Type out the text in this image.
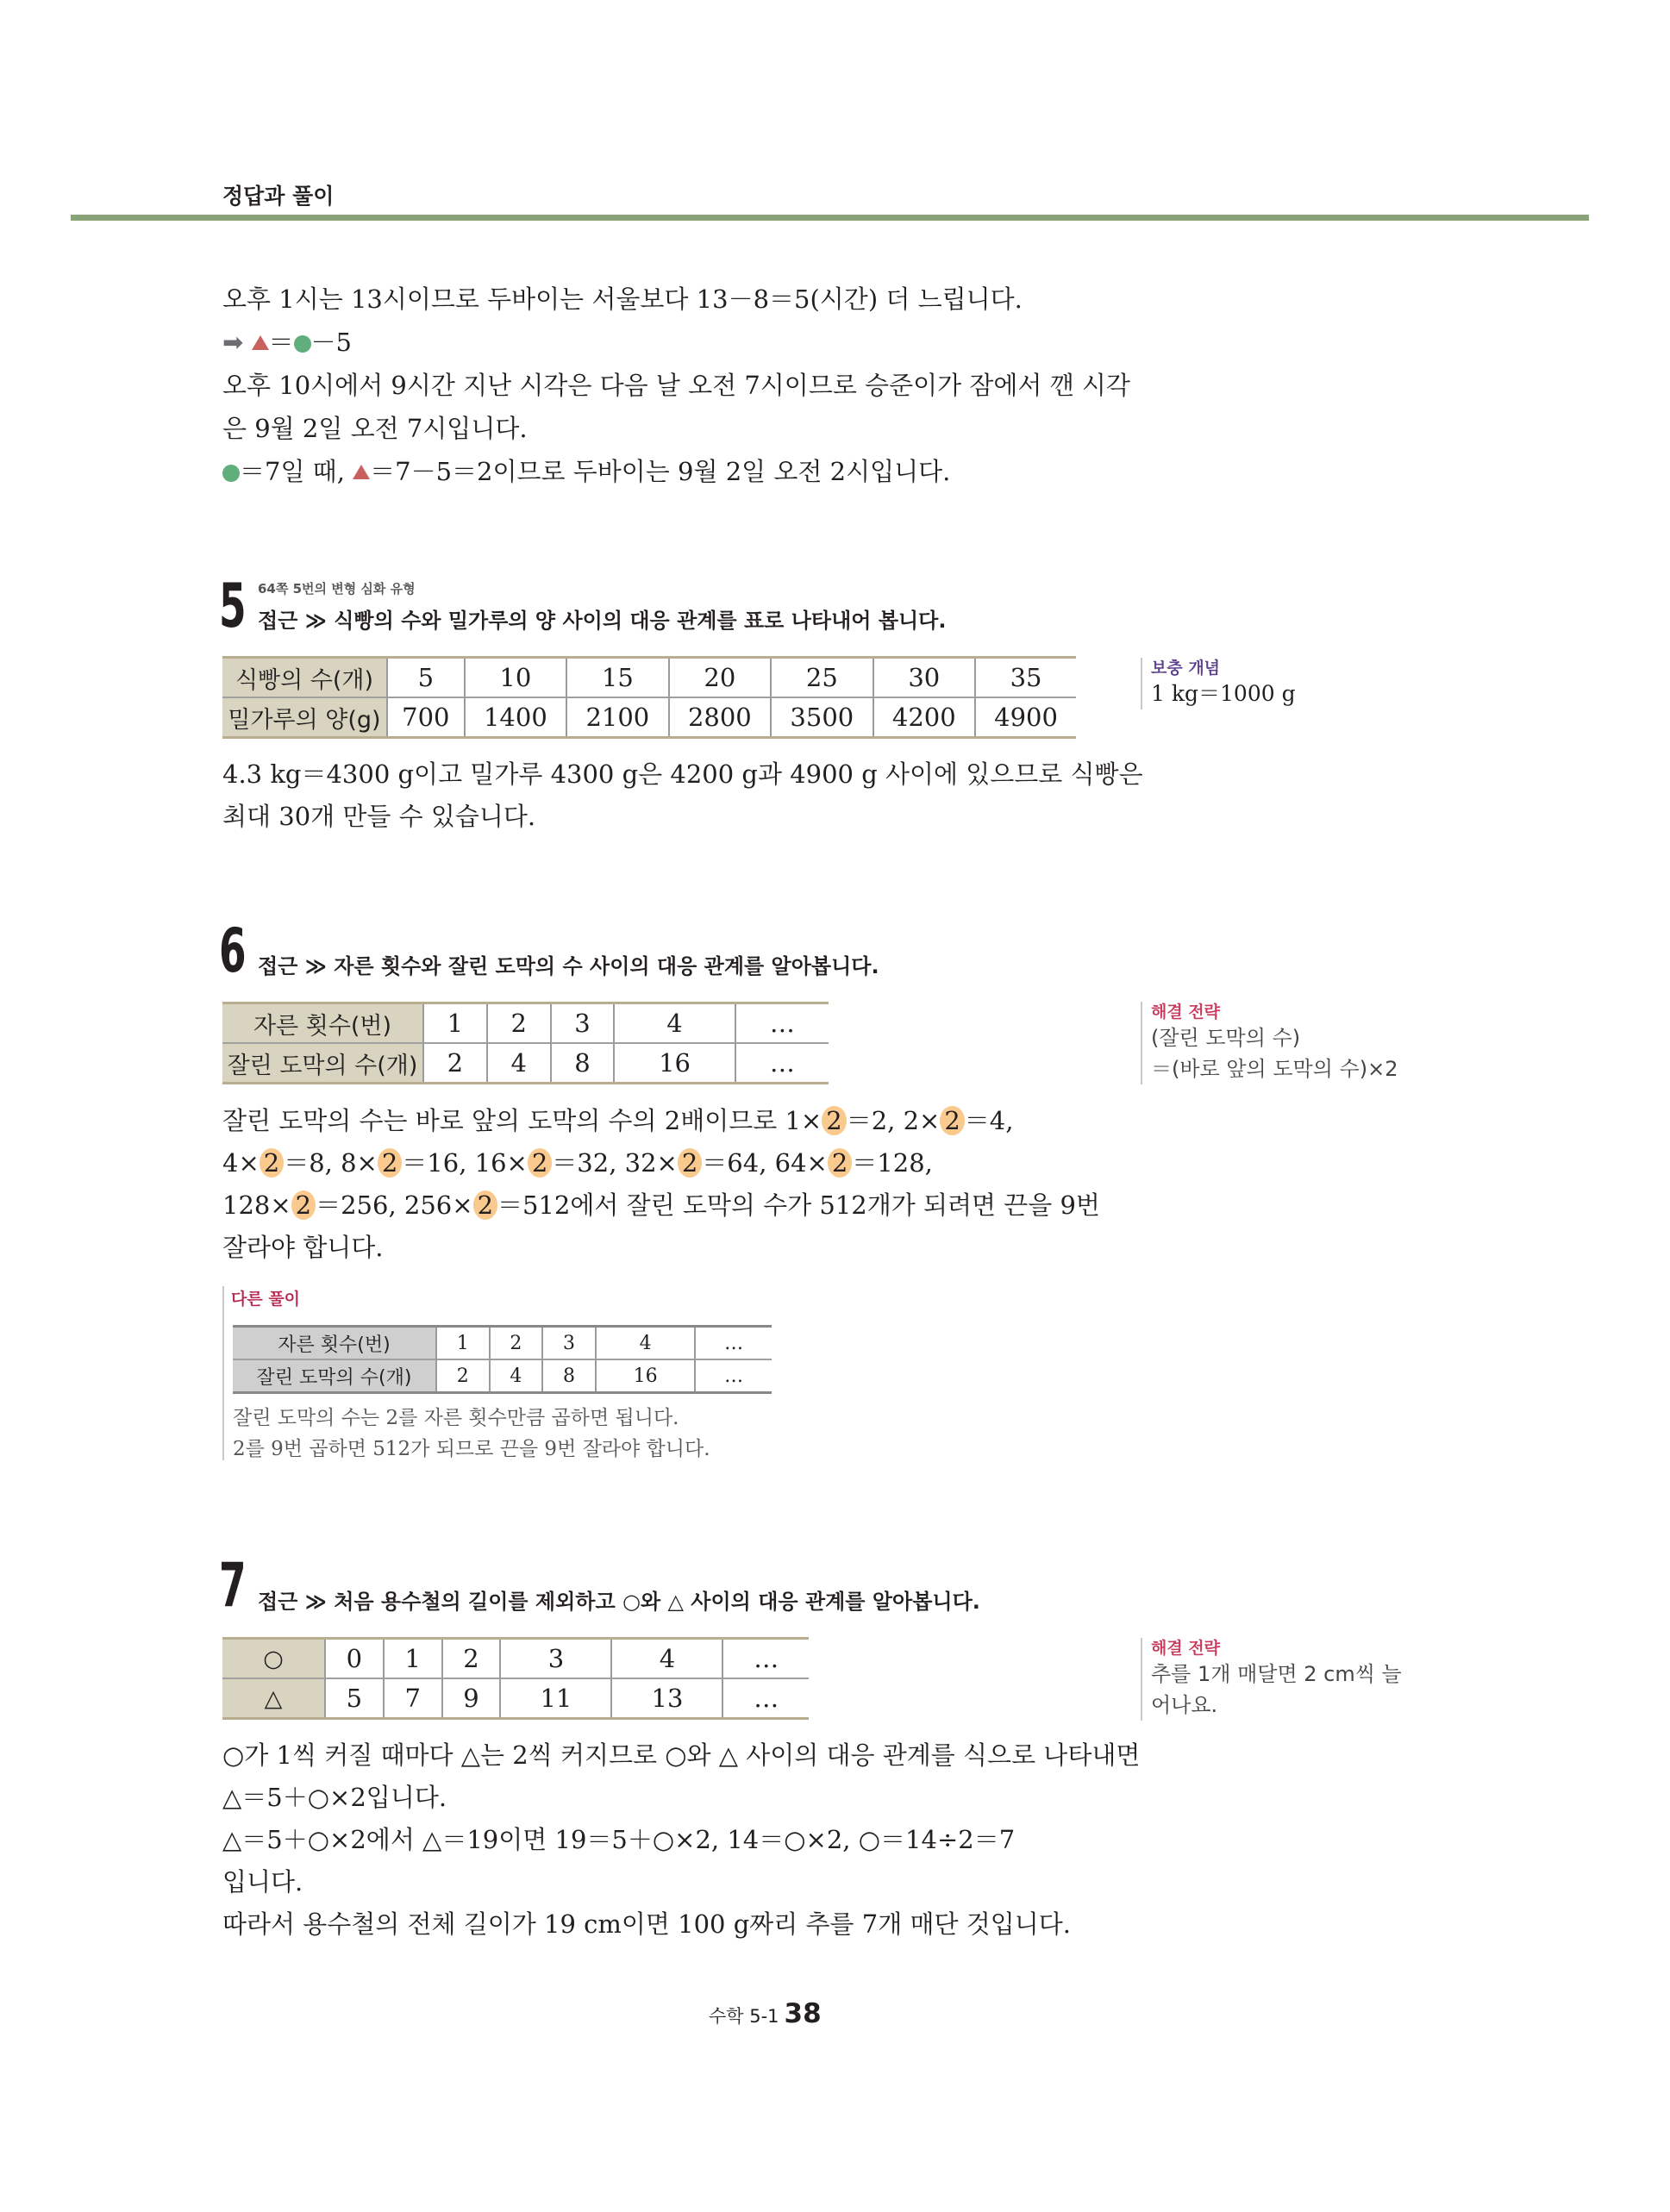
정답과 풀이
오후 1시는 13시이므로 두바이는 서울보다 13－8＝5(시간) 더 느립니다.
➡ ＝ －5
오후 10시에서 9시간 지난 시각은 다음 날 오전 7시이므로 승준이가 잠에서 깬 시각
은 9월 2일 오전 7시입니다.
＝7일 때, ＝7－5＝2이므로 두바이는 9월 2일 오전 2시입니다.
5 64쪽 5번의 변형 심화 유형
접근 ≫ 식빵의 수와 밀가루의 양 사이의 대응 관계를 표로 나타내어 봅니다.
식빵의 수(개)	5	10	15	20	25	30	35
밀가루의 양(g)	700	1400	2100	2800	3500	4200	4900
보충 개념
1 kg＝1000 g
4.3 kg＝4300 g이고 밀가루 4300 g은 4200 g과 4900 g 사이에 있으므로 식빵은
최대 30개 만들 수 있습니다.
6 접근 ≫ 자른 횟수와 잘린 도막의 수 사이의 대응 관계를 알아봅니다.
자른 횟수(번)	1	2	3	4	…
잘린 도막의 수(개)	2	4	8	16	…
해결 전략
(잘린 도막의 수)
＝(바로 앞의 도막의 수)×2
잘린 도막의 수는 바로 앞의 도막의 수의 2배이므로 1× 2 ＝2, 2× 2 ＝4,
4× 2 ＝8, 8× 2 ＝16, 16× 2 ＝32, 32× 2 ＝64, 64× 2 ＝128,
128× 2 ＝256, 256× 2 ＝512에서 잘린 도막의 수가 512개가 되려면 끈을 9번
잘라야 합니다.
다른 풀이
자른 횟수(번)	1	2	3	4	…
잘린 도막의 수(개)	2	4	8	16	…
잘린 도막의 수는 2를 자른 횟수만큼 곱하면 됩니다.
2를 9번 곱하면 512가 되므로 끈을 9번 잘라야 합니다.
7 접근 ≫ 처음 용수철의 길이를 제외하고 ○와 △ 사이의 대응 관계를 알아봅니다.
○	0	1	2	3	4	…
△	5	7	9	11	13	…
해결 전략
추를 1개 매달면 2 cm씩 늘
어나요.
○가 1씩 커질 때마다 △는 2씩 커지므로 ○와 △ 사이의 대응 관계를 식으로 나타내면
△＝5＋○×2입니다.
△＝5＋○×2에서 △＝19이면 19＝5＋○×2, 14＝○×2, ○＝14÷2＝7
입니다.
따라서 용수철의 전체 길이가 19 cm이면 100 g짜리 추를 7개 매단 것입니다.
수학 5-1 38
